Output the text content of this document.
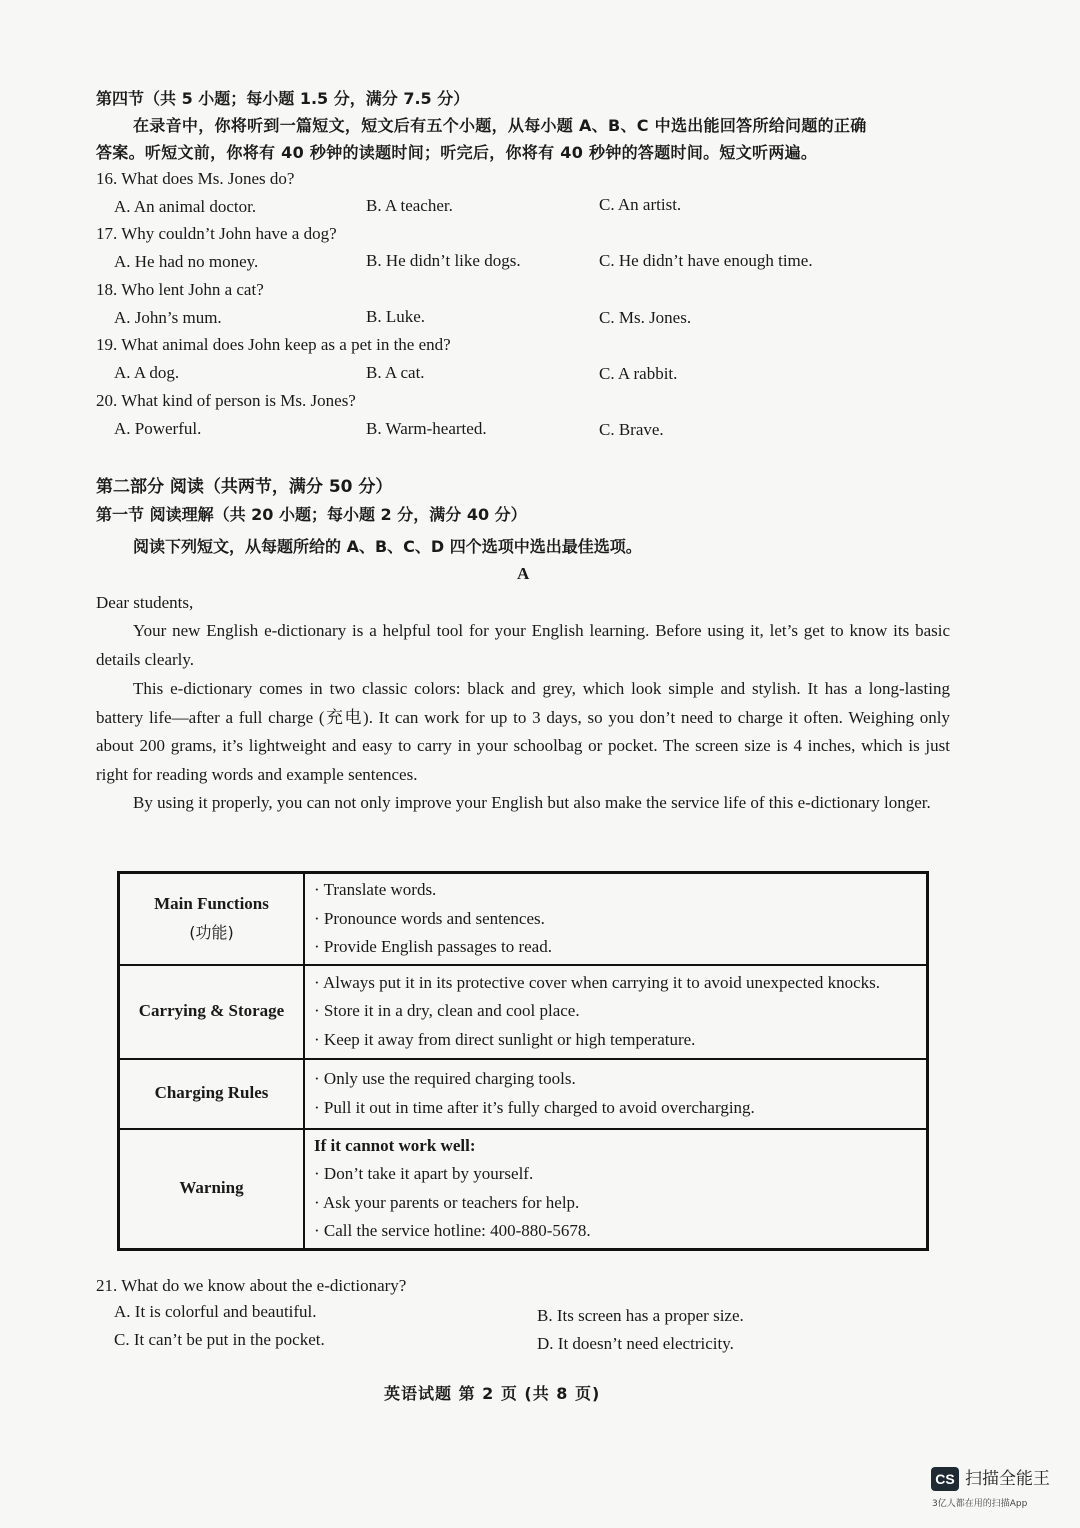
第四节（共 5 小题；每小题 1.5 分，满分 7.5 分）
在录音中，你将听到一篇短文，短文后有五个小题，从每小题 A、B、C 中选出能回答所给问题的正确
答案。听短文前，你将有 40 秒钟的读题时间；听完后，你将有 40 秒钟的答题时间。短文听两遍。
16. What does Ms. Jones do?
A. An animal doctor.	B. A teacher.	C. An artist.
17. Why couldn’t John have a dog?
A. He had no money.	B. He didn’t like dogs.	C. He didn’t have enough time.
18. Who lent John a cat?
A. John’s mum.	B. Luke.	C. Ms. Jones.
19. What animal does John keep as a pet in the end?
A. A dog.	B. A cat.	C. A rabbit.
20. What kind of person is Ms. Jones?
A. Powerful.	B. Warm-hearted.	C. Brave.
第二部分 阅读（共两节，满分 50 分）
第一节 阅读理解（共 20 小题；每小题 2 分，满分 40 分）
阅读下列短文，从每题所给的 A、B、C、D 四个选项中选出最佳选项。
A
Dear students,
Your new English e-dictionary is a helpful tool for your English learning. Before using it, let’s get to know its basic details clearly.
This e-dictionary comes in two classic colors: black and grey, which look simple and stylish. It has a long-lasting battery life—after a full charge (充电). It can work for up to 3 days, so you don’t need to charge it often. Weighing only about 200 grams, it’s lightweight and easy to carry in your schoolbag or pocket. The screen size is 4 inches, which is just right for reading words and example sentences.
By using it properly, you can not only improve your English but also make the service life of this e-dictionary longer.
Main Functions
(功能)	· Translate words.
· Pronounce words and sentences.
· Provide English passages to read.

Carrying & Storage	· Always put it in its protective cover when carrying it to avoid unexpected knocks.
· Store it in a dry, clean and cool place.
· Keep it away from direct sunlight or high temperature.

Charging Rules	· Only use the required charging tools.
· Pull it out in time after it’s fully charged to avoid overcharging.

Warning	If it cannot work well:
· Don’t take it apart by yourself.
· Ask your parents or teachers for help.
· Call the service hotline: 400-880-5678.
21. What do we know about the e-dictionary?
A. It is colorful and beautiful.	B. Its screen has a proper size.
C. It can’t be put in the pocket.	D. It doesn’t need electricity.
英语试题 第 2 页 (共 8 页)
CS 扫描全能王
3亿人都在用的扫描App
